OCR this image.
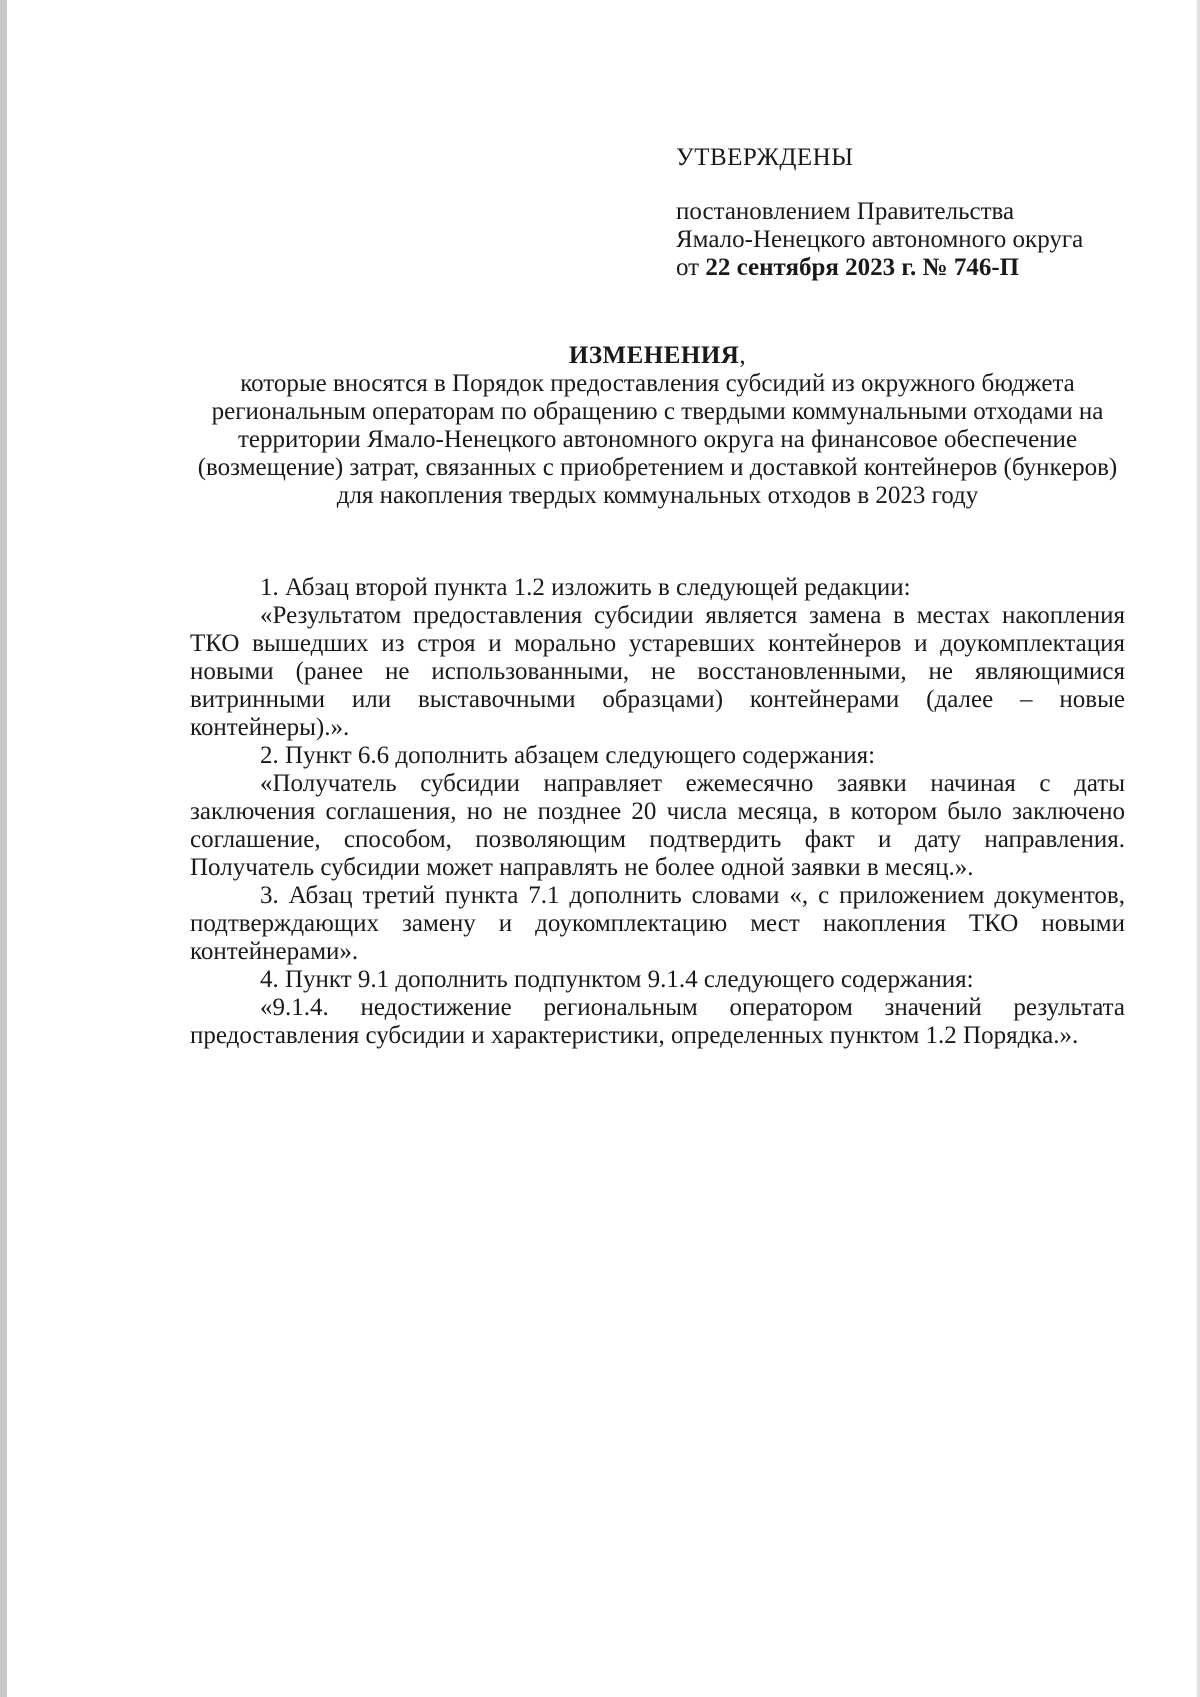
УТВЕРЖДЕНЫ
постановлением Правительства
Ямало-Ненецкого автономного округа
от 22 сентября 2023 г. № 746-П
ИЗМЕНЕНИЯ,
которые вносятся в Порядок предоставления субсидий из окружного бюджета региональным операторам по обращению с твердыми коммунальными отходами на территории Ямало-Ненецкого автономного округа на финансовое обеспечение (возмещение) затрат, связанных с приобретением и доставкой контейнеров (бункеров) для накопления твердых коммунальных отходов в 2023 году

1. Абзац второй пункта 1.2 изложить в следующей редакции:

«Результатом предоставления субсидии является замена в местах накопления ТКО вышедших из строя и морально устаревших контейнеров и доукомплектация новыми (ранее не использованными, не восстановленными, не являющимися витринными или выставочными образцами) контейнерами (далее – новые контейнеры).».

2. Пункт 6.6 дополнить абзацем следующего содержания:

«Получатель субсидии направляет ежемесячно заявки начиная с даты заключения соглашения, но не позднее 20 числа месяца, в котором было заключено соглашение, способом, позволяющим подтвердить факт и дату направления. Получатель субсидии может направлять не более одной заявки в месяц.».

3. Абзац третий пункта 7.1 дополнить словами «, с приложением документов, подтверждающих замену и доукомплектацию мест накопления ТКО новыми контейнерами».

4. Пункт 9.1 дополнить подпунктом 9.1.4 следующего содержания:

«9.1.4. недостижение региональным оператором значений результата предоставления субсидии и характеристики, определенных пунктом 1.2 Порядка.».
